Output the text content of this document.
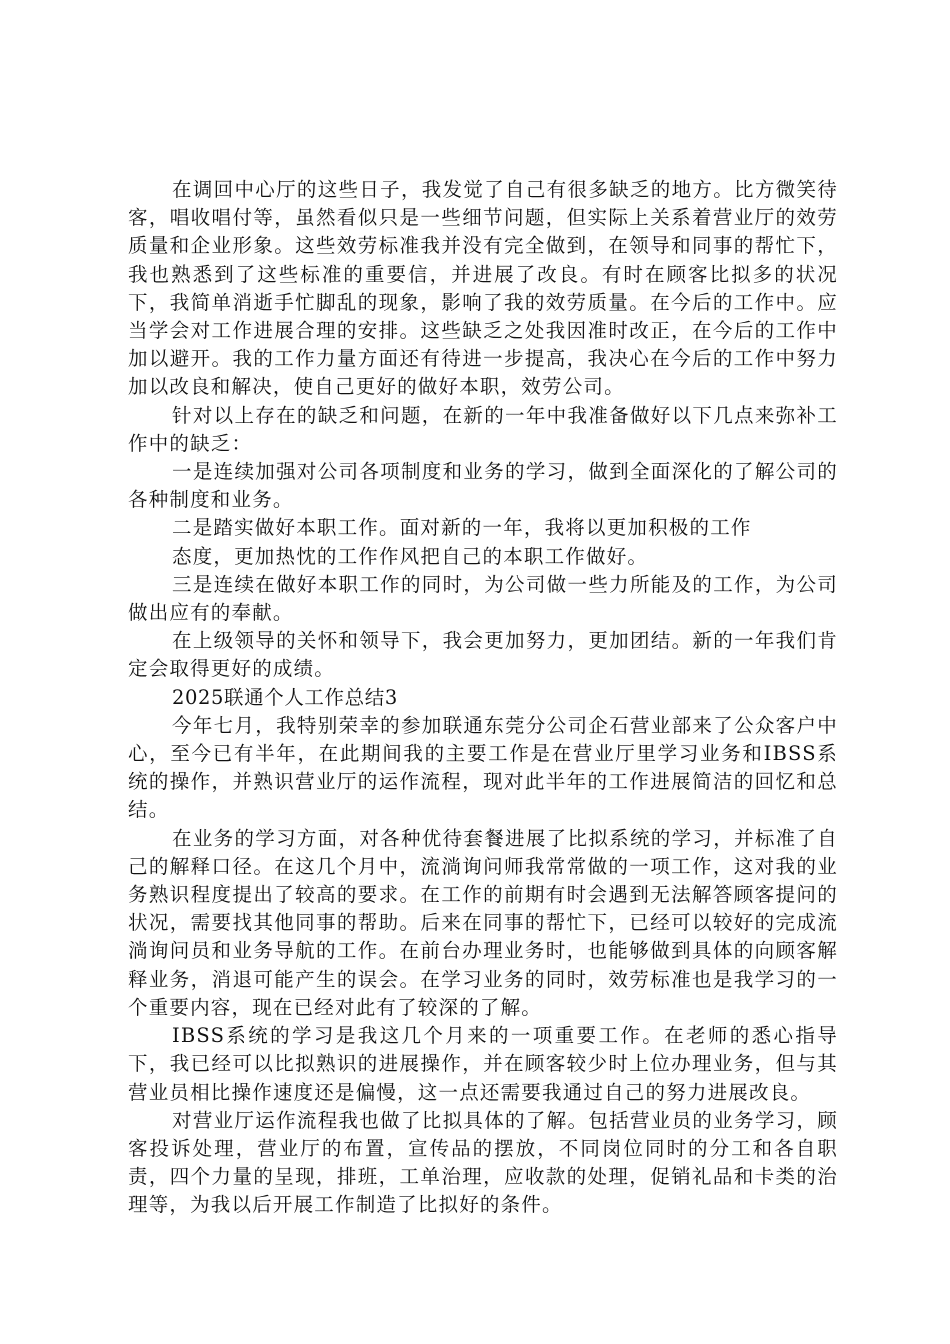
在调回中心厅的这些日子，我发觉了自己有很多缺乏的地方。比方微笑待客，唱收唱付等，虽然看似只是一些细节问题，但实际上关系着营业厅的效劳质量和企业形象。这些效劳标准我并没有完全做到，在领导和同事的帮忙下，我也熟悉到了这些标准的重要信，并进展了改良。有时在顾客比拟多的状况下，我简单消逝手忙脚乱的现象，影响了我的效劳质量。在今后的工作中。应当学会对工作进展合理的安排。这些缺乏之处我因准时改正，在今后的工作中加以避开。我的工作力量方面还有待进一步提高，我决心在今后的工作中努力加以改良和解决，使自己更好的做好本职，效劳公司。

针对以上存在的缺乏和问题，在新的一年中我准备做好以下几点来弥补工作中的缺乏：

一是连续加强对公司各项制度和业务的学习，做到全面深化的了解公司的各种制度和业务。

二是踏实做好本职工作。面对新的一年，我将以更加积极的工作

态度，更加热忱的工作作风把自己的本职工作做好。

三是连续在做好本职工作的同时，为公司做一些力所能及的工作，为公司做出应有的奉献。

在上级领导的关怀和领导下，我会更加努力，更加团结。新的一年我们肯定会取得更好的成绩。

2025联通个人工作总结3

今年七月，我特别荣幸的参加联通东莞分公司企石营业部来了公众客户中心，至今已有半年，在此期间我的主要工作是在营业厅里学习业务和IBSS系统的操作，并熟识营业厅的运作流程，现对此半年的工作进展简洁的回忆和总结。

在业务的学习方面，对各种优待套餐进展了比拟系统的学习，并标准了自己的解释口径。在这几个月中，流淌询问师我常常做的一项工作，这对我的业务熟识程度提出了较高的要求。在工作的前期有时会遇到无法解答顾客提问的状况，需要找其他同事的帮助。后来在同事的帮忙下，已经可以较好的完成流淌询问员和业务导航的工作。在前台办理业务时，也能够做到具体的向顾客解释业务，消退可能产生的误会。在学习业务的同时，效劳标准也是我学习的一个重要内容，现在已经对此有了较深的了解。

IBSS系统的学习是我这几个月来的一项重要工作。在老师的悉心指导下，我已经可以比拟熟识的进展操作，并在顾客较少时上位办理业务，但与其营业员相比操作速度还是偏慢，这一点还需要我通过自己的努力进展改良。

对营业厅运作流程我也做了比拟具体的了解。包括营业员的业务学习，顾客投诉处理，营业厅的布置，宣传品的摆放，不同岗位同时的分工和各自职责，四个力量的呈现，排班，工单治理，应收款的处理，促销礼品和卡类的治理等，为我以后开展工作制造了比拟好的条件。
